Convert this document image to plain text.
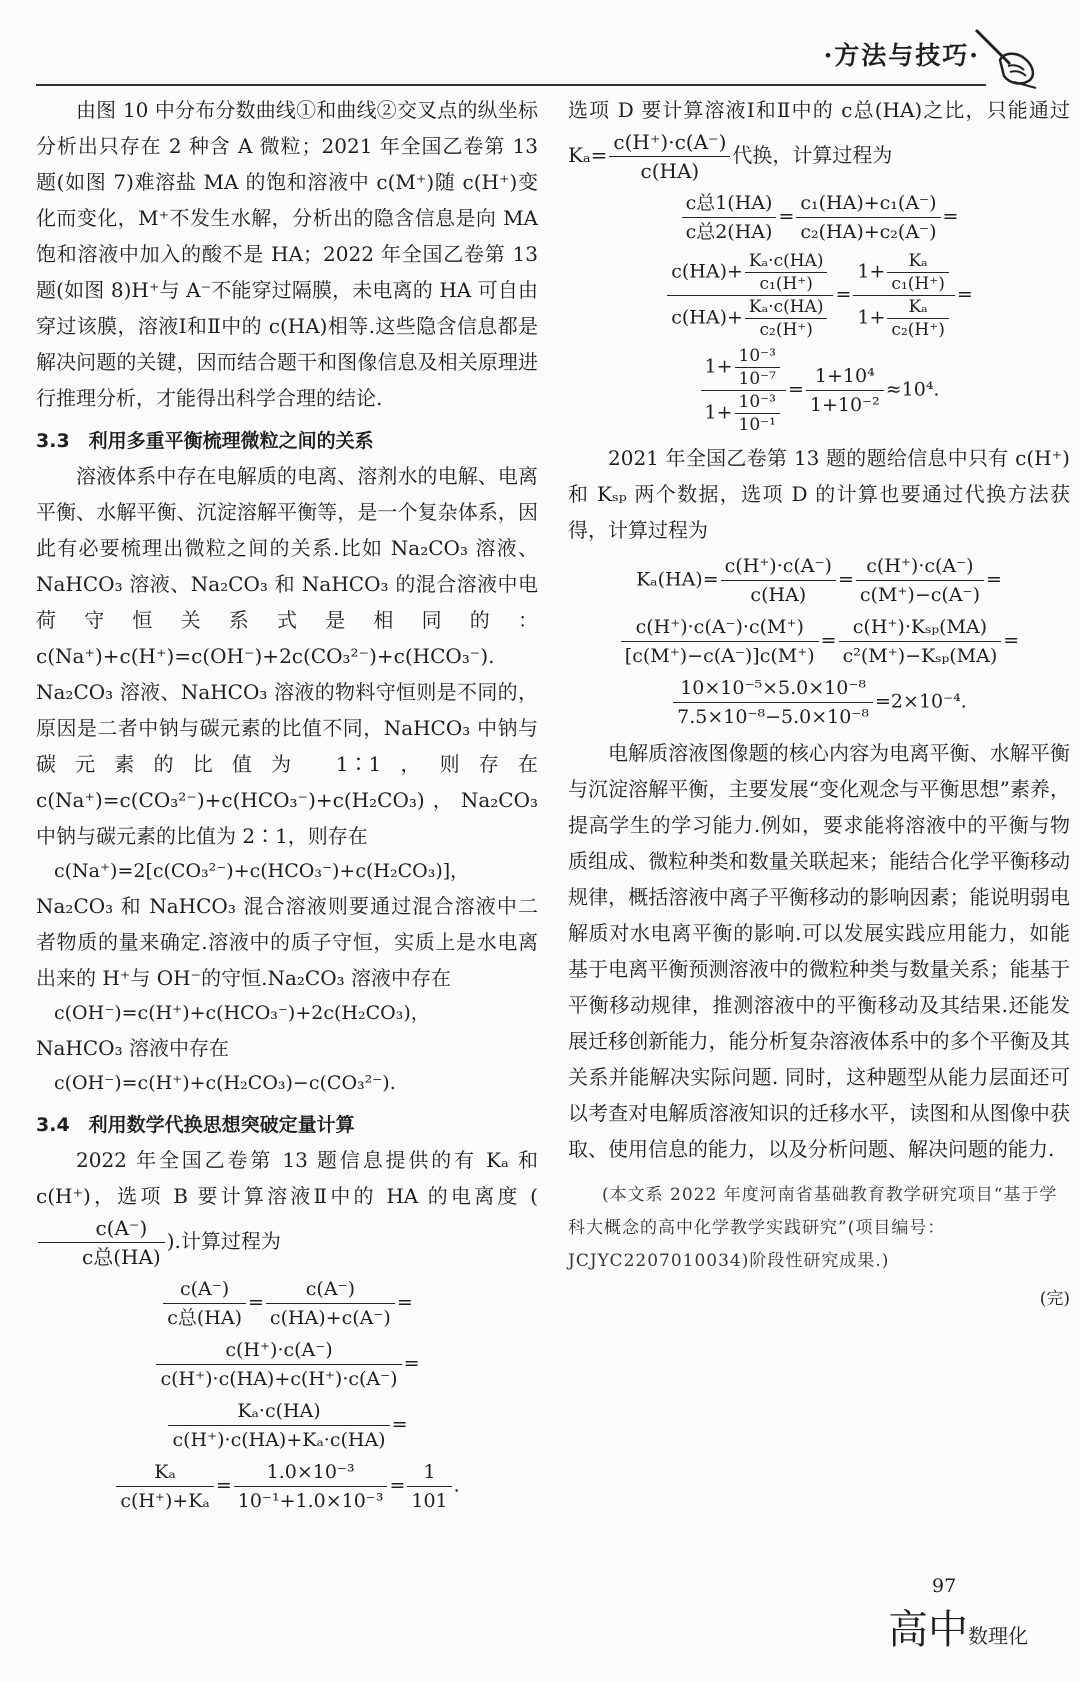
·方法与技巧·

由图 10 中分布分数曲线①和曲线②交叉点的纵坐标分析出只存在 2 种含 A 微粒；2021 年全国乙卷第 13 题(如图 7)难溶盐 MA 的饱和溶液中 c(M⁺)随 c(H⁺)变化而变化，M⁺不发生水解，分析出的隐含信息是向 MA 饱和溶液中加入的酸不是 HA；2022 年全国乙卷第 13 题(如图 8)H⁺与 A⁻不能穿过隔膜，未电离的 HA 可自由穿过该膜，溶液Ⅰ和Ⅱ中的 c(HA)相等.这些隐含信息都是解决问题的关键，因而结合题干和图像信息及相关原理进行推理分析，才能得出科学合理的结论.

3.3　利用多重平衡梳理微粒之间的关系

溶液体系中存在电解质的电离、溶剂水的电解、电离平衡、水解平衡、沉淀溶解平衡等，是一个复杂体系，因此有必要梳理出微粒之间的关系.比如 Na₂CO₃ 溶液、NaHCO₃ 溶液、Na₂CO₃ 和 NaHCO₃ 的混合溶液中电荷守恒关系式是相同的：c(Na⁺)+c(H⁺)=c(OH⁻)+2c(CO₃²⁻)+c(HCO₃⁻). Na₂CO₃ 溶液、NaHCO₃ 溶液的物料守恒则是不同的，原因是二者中钠与碳元素的比值不同，NaHCO₃ 中钠与碳元素的比值为 1∶1，则存在 c(Na⁺)=c(CO₃²⁻)+c(HCO₃⁻)+c(H₂CO₃)，Na₂CO₃ 中钠与碳元素的比值为 2∶1，则存在

c(Na⁺)=2[c(CO₃²⁻)+c(HCO₃⁻)+c(H₂CO₃)]，

Na₂CO₃ 和 NaHCO₃ 混合溶液则要通过混合溶液中二者物质的量来确定.溶液中的质子守恒，实质上是水电离出来的 H⁺与 OH⁻的守恒.Na₂CO₃ 溶液中存在

c(OH⁻)=c(H⁺)+c(HCO₃⁻)+2c(H₂CO₃)，

NaHCO₃ 溶液中存在

c(OH⁻)=c(H⁺)+c(H₂CO₃)−c(CO₃²⁻).

3.4　利用数学代换思想突破定量计算

2022 年全国乙卷第 13 题信息提供的有 Kₐ 和 c(H⁺)，选项 B 要计算溶液Ⅱ中的 HA 的电离度 (
$\frac{c(A^-)}{\text{c总(HA)}}$ ).计算过程为

$\frac{c(A^-)}{\text{c总(HA)}} = \frac{c(A^-)}{c(HA)+c(A^-)}$ =
$\frac{c(H^+)\cdot c(A^-)}{c(H^+)\cdot c(HA)+c(H^+)\cdot c(A^-)}$ =
$\frac{\text{Kₐ·c(HA)}}{\text{c(H⁺)·c(HA)+Kₐ·c(HA)}}$ =
$\frac{\text{Kₐ}}{\text{c(H⁺)+Kₐ}} = \frac{\text{1.0×10⁻³}}{\text{10⁻¹+1.0×10⁻³}} = \frac{1}{101}$ .

选项 D 要计算溶液Ⅰ和Ⅱ中的 c总(HA)之比，只能通过 $K_a= \frac{c(H^+)\cdot c(A^-)}{c(HA)}$ 代换，计算过程为

$\frac{\text{c总1(HA)}}{\text{c总2(HA)}} = \frac{\text{c₁(HA)+c₁(A⁻)}}{\text{c₂(HA)+c₂(A⁻)}}$ =
$\frac{c(HA)+ \frac{\text{Kₐ·c(HA)}}{\text{c₁(H⁺)}}}{c(HA)+ \frac{\text{Kₐ·c(HA)}}{\text{c₂(H⁺)}}} = \frac{1+ \frac{\text{Kₐ}}{\text{c₁(H⁺)}}}{1+ \frac{\text{Kₐ}}{\text{c₂(H⁺)}}}$ =
$\frac{1+ \frac{\text{10⁻³}}{\text{10⁻⁷}}}{1+ \frac{\text{10⁻³}}{\text{10⁻¹}}} = \frac{\text{1+10⁴}}{\text{1+10⁻²}} \approx 10^4$.

2021 年全国乙卷第 13 题的题给信息中只有 c(H⁺)和 Kₛₚ 两个数据，选项 D 的计算也要通过代换方法获得，计算过程为

$K_a(HA)= \frac{c(H^+)\cdot c(A^-)}{c(HA)} = \frac{c(H^+)\cdot c(A^-)}{c(M^+)-c(A^-)}$ =
$\frac{c(H^+)\cdot c(A^-)\cdot c(M^+)}{[c(M^+)-c(A^-)]c(M^+)} = \frac{\text{c(H⁺)·Kₛₚ(MA)}}{\text{c²(M⁺)−Kₛₚ(MA)}}$ =
$\frac{\text{10×10⁻⁵×5.0×10⁻⁸}}{\text{7.5×10⁻⁸−5.0×10⁻⁸}} =2\times 10^{-4}$.

电解质溶液图像题的核心内容为电离平衡、水解平衡与沉淀溶解平衡，主要发展“变化观念与平衡思想”素养，提高学生的学习能力.例如，要求能将溶液中的平衡与物质组成、微粒种类和数量关联起来；能结合化学平衡移动规律，概括溶液中离子平衡移动的影响因素；能说明弱电解质对水电离平衡的影响.可以发展实践应用能力，如能基于电离平衡预测溶液中的微粒种类与数量关系；能基于平衡移动规律，推测溶液中的平衡移动及其结果.还能发展迁移创新能力，能分析复杂溶液体系中的多个平衡及其关系并能解决实际问题. 同时，这种题型从能力层面还可以考查对电解质溶液知识的迁移水平，读图和从图像中获取、使用信息的能力，以及分析问题、解决问题的能力.

(本文系 2022 年度河南省基础教育教学研究项目“基于学科大概念的高中化学教学实践研究”(项目编号：JCJYC2207010034)阶段性研究成果.)

(完)

97
高中数理化
